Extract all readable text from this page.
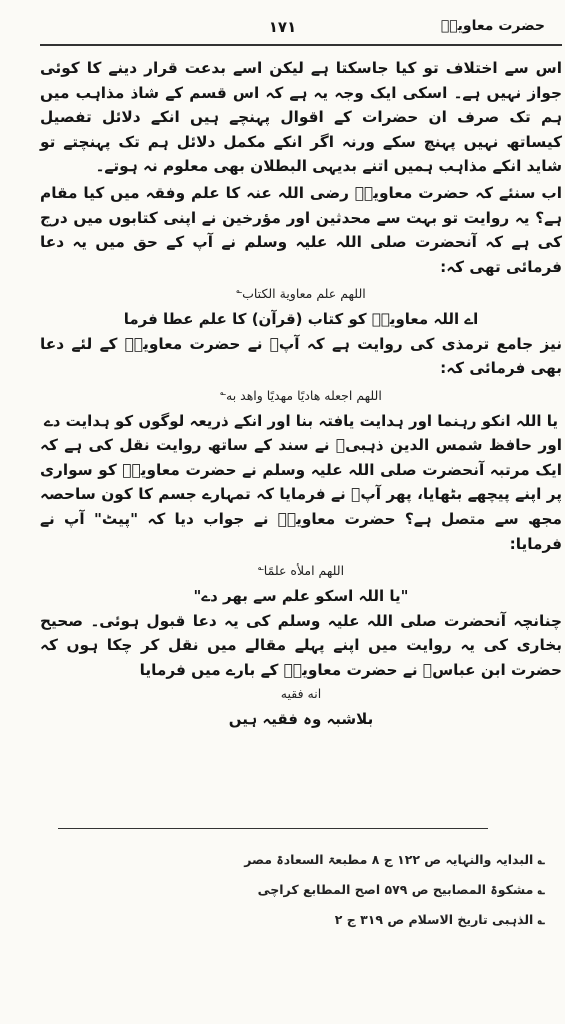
حضرت معاویہؓ
۱۷۱

اس سے اختلاف تو کیا جاسکتا ہے لیکن اسے بدعت قرار دینے کا کوئی جواز نہیں ہے۔ اسکی ایک وجہ یہ ہے کہ اس قسم کے شاذ مذاہب میں ہم تک صرف ان حضرات کے اقوال پہنچے ہیں انکے دلائل تفصیل کیساتھ نہیں پہنچ سکے ورنہ اگر انکے مکمل دلائل ہم تک پہنچتے تو شاید انکے مذاہب ہمیں اتنے بدیہی البطلان بھی معلوم نہ ہوتے۔

اب سنئے کہ حضرت معاویہؓ رضی اللہ عنہ کا علم وفقہ میں کیا مقام ہے؟ یہ روایت تو بہت سے محدثین اور مؤرخین نے اپنی کتابوں میں درج کی ہے کہ آنحضرت صلی اللہ علیہ وسلم نے آپ کے حق میں یہ دعا فرمائی تھی کہ:

اللهم علم معاوية الكتاب؎

اے اللہ معاویہؓ کو کتاب (قرآن) کا علم عطا فرما

نیز جامع ترمذی کی روایت ہے کہ آپؐ نے حضرت معاویہؓ کے لئے دعا بھی فرمائی کہ:

اللهم اجعله هاديًا مهديًا واهد به؎

یا اللہ انکو رہنما اور ہدایت یافتہ بنا اور انکے ذریعہ لوگوں کو ہدایت دے

اور حافظ شمس الدین ذہبیؒ نے سند کے ساتھ روایت نقل کی ہے کہ ایک مرتبہ آنحضرت صلی اللہ علیہ وسلم نے حضرت معاویہؓ کو سواری پر اپنے پیچھے بٹھایا، پھر آپؐ نے فرمایا کہ تمہارے جسم کا کون ساحصہ مجھ سے متصل ہے؟ حضرت معاویہؓ نے جواب دیا کہ "پیٹ" آپ نے فرمایا:

اللهم املأه علمًا؎

"یا اللہ اسکو علم سے بھر دے"

چنانچہ آنحضرت صلی اللہ علیہ وسلم کی یہ دعا قبول ہوئی۔ صحیح بخاری کی یہ روایت میں اپنے پہلے مقالے میں نقل کر چکا ہوں کہ حضرت ابن عباسؓ نے حضرت معاویہؓ کے بارے میں فرمایا

انه فقيه

بلاشبہ وہ فقیہ ہیں

؎ البدایہ والنہایہ ص ۱۲۲ ج ۸ مطبعۃ السعادۃ مصر

؎ مشکوۃ المصابیح ص ۵۷۹ اصح المطابع کراچی

؎ الذہبی تاریخ الاسلام ص ۳۱۹ ج ۲
